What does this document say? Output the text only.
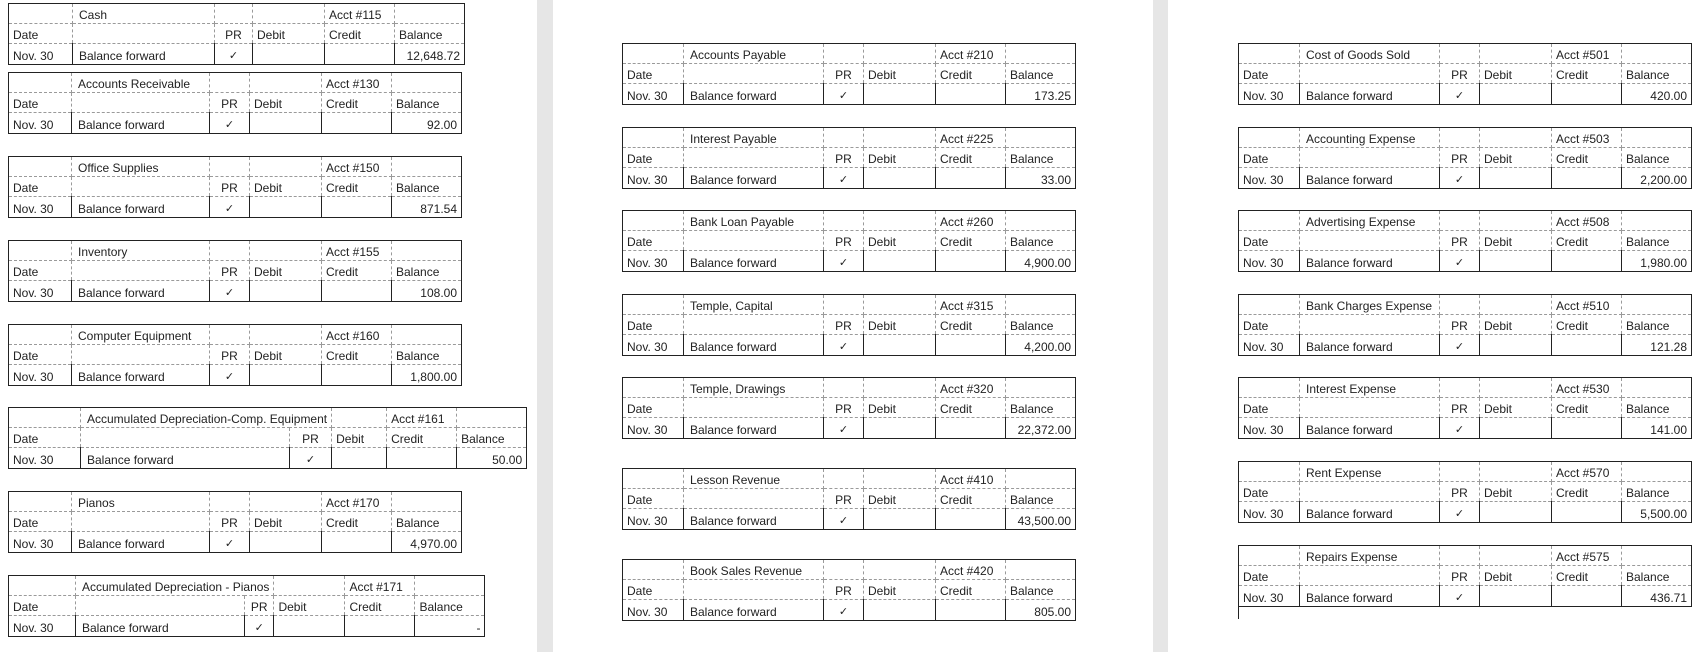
	Cash			Acct #115	
Date		PR	Debit	Credit	Balance
Nov. 30	Balance forward	✓			12,648.72
	Accounts Receivable			Acct #130	
Date		PR	Debit	Credit	Balance
Nov. 30	Balance forward	✓			92.00
	Office Supplies			Acct #150	
Date		PR	Debit	Credit	Balance
Nov. 30	Balance forward	✓			871.54
	Inventory			Acct #155	
Date		PR	Debit	Credit	Balance
Nov. 30	Balance forward	✓			108.00
	Computer Equipment			Acct #160	
Date		PR	Debit	Credit	Balance
Nov. 30	Balance forward	✓			1,800.00
	Accumulated Depreciation-Comp. Equipment			Acct #161	
Date		PR	Debit	Credit	Balance
Nov. 30	Balance forward	✓			50.00
	Pianos			Acct #170	
Date		PR	Debit	Credit	Balance
Nov. 30	Balance forward	✓			4,970.00
	Accumulated Depreciation - Pianos			Acct #171	
Date		PR	Debit	Credit	Balance
Nov. 30	Balance forward	✓			-
	Accounts Payable			Acct #210	
Date		PR	Debit	Credit	Balance
Nov. 30	Balance forward	✓			173.25
	Interest Payable			Acct #225	
Date		PR	Debit	Credit	Balance
Nov. 30	Balance forward	✓			33.00
	Bank Loan Payable			Acct #260	
Date		PR	Debit	Credit	Balance
Nov. 30	Balance forward	✓			4,900.00
	Temple, Capital			Acct #315	
Date		PR	Debit	Credit	Balance
Nov. 30	Balance forward	✓			4,200.00
	Temple, Drawings			Acct #320	
Date		PR	Debit	Credit	Balance
Nov. 30	Balance forward	✓			22,372.00
	Lesson Revenue			Acct #410	
Date		PR	Debit	Credit	Balance
Nov. 30	Balance forward	✓			43,500.00
	Book Sales Revenue			Acct #420	
Date		PR	Debit	Credit	Balance
Nov. 30	Balance forward	✓			805.00
	Cost of Goods Sold			Acct #501	
Date		PR	Debit	Credit	Balance
Nov. 30	Balance forward	✓			420.00
	Accounting Expense			Acct #503	
Date		PR	Debit	Credit	Balance
Nov. 30	Balance forward	✓			2,200.00
	Advertising Expense			Acct #508	
Date		PR	Debit	Credit	Balance
Nov. 30	Balance forward	✓			1,980.00
	Bank Charges Expense			Acct #510	
Date		PR	Debit	Credit	Balance
Nov. 30	Balance forward	✓			121.28
	Interest Expense			Acct #530	
Date		PR	Debit	Credit	Balance
Nov. 30	Balance forward	✓			141.00
	Rent Expense			Acct #570	
Date		PR	Debit	Credit	Balance
Nov. 30	Balance forward	✓			5,500.00
	Repairs Expense			Acct #575	
Date		PR	Debit	Credit	Balance
Nov. 30	Balance forward	✓			436.71
